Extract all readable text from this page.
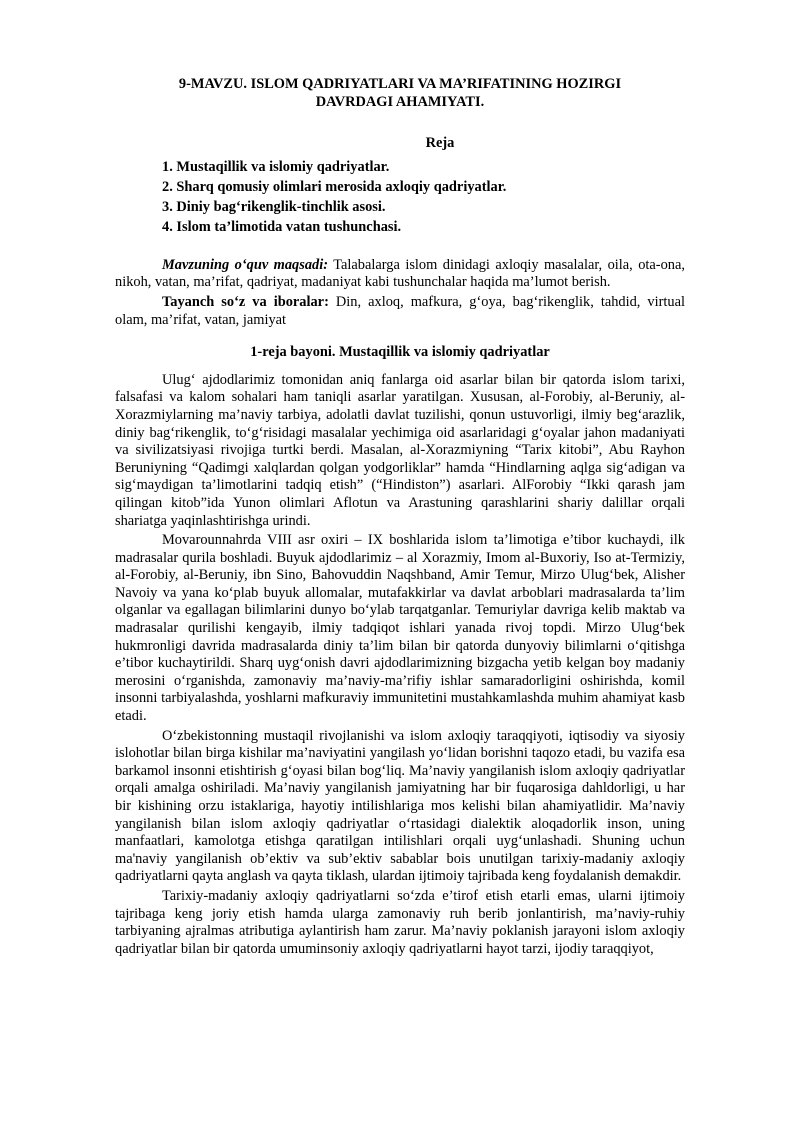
9-MAVZU. ISLOM QADRIYATLARI VA MA’RIFATINING HOZIRGI DAVRDAGI AHAMIYATI.

Reja
1. Mustaqillik va islomiy qadriyatlar.
2. Sharq qomusiy olimlari merosida axloqiy qadriyatlar.
3. Diniy bag‘rikenglik-tinchlik asosi.
4. Islom ta’limotida vatan tushunchasi.

Mavzuning o‘quv maqsadi: Talabalarga islom dinidagi axloqiy masalalar, oila, ota-ona, nikoh, vatan, ma’rifat, qadriyat, madaniyat kabi tushunchalar haqida ma’lumot berish.

Tayanch so‘z va iboralar: Din, axloq, mafkura, g‘oya, bag‘rikenglik, tahdid, virtual olam, ma’rifat, vatan, jamiyat

1-reja bayoni. Mustaqillik va islomiy qadriyatlar

Ulug‘ ajdodlarimiz tomonidan aniq fanlarga oid asarlar bilan bir qatorda islom tarixi, falsafasi va kalom sohalari ham taniqli asarlar yaratilgan. Xususan, al-Forobiy, al-Beruniy, al-Xorazmiylarning ma’naviy tarbiya, adolatli davlat tuzilishi, qonun ustuvorligi, ilmiy beg‘arazlik, diniy bag‘rikenglik, to‘g‘risidagi masalalar yechimiga oid asarlaridagi g‘oyalar jahon madaniyati va sivilizatsiyasi rivojiga turtki berdi. Masalan, al-Xorazmiyning “Tarix kitobi”, Abu Rayhon Beruniyning “Qadimgi xalqlardan qolgan yodgorliklar” hamda “Hindlarning aqlga sig‘adigan va sig‘maydigan ta’limotlarini tadqiq etish” (“Hindiston”) asarlari. AlForobiy “Ikki qarash jam qilingan kitob”ida Yunon olimlari Aflotun va Arastuning qarashlarini shariy dalillar orqali shariatga yaqinlashtirishga urindi.

Movarounnahrda VIII asr oxiri – IX boshlarida islom ta’limotiga e’tibor kuchaydi, ilk madrasalar qurila boshladi. Buyuk ajdodlarimiz – al Xorazmiy, Imom al-Buxoriy, Iso at-Termiziy, al-Forobiy, al-Beruniy, ibn Sino, Bahovuddin Naqshband, Amir Temur, Mirzo Ulug‘bek, Alisher Navoiy va yana ko‘plab buyuk allomalar, mutafakkirlar va davlat arboblari madrasalarda ta’lim olganlar va egallagan bilimlarini dunyo bo‘ylab tarqatganlar. Temuriylar davriga kelib maktab va madrasalar qurilishi kengayib, ilmiy tadqiqot ishlari yanada rivoj topdi. Mirzo Ulug‘bek hukmronligi davrida madrasalarda diniy ta’lim bilan bir qatorda dunyoviy bilimlarni o‘qitishga e’tibor kuchaytirildi. Sharq uyg‘onish davri ajdodlarimizning bizgacha yetib kelgan boy madaniy merosini o‘rganishda, zamonaviy ma’naviy-ma’rifiy ishlar samaradorligini oshirishda, komil insonni tarbiyalashda, yoshlarni mafkuraviy immunitetini mustahkamlashda muhim ahamiyat kasb etadi.

O‘zbekistonning mustaqil rivojlanishi va islom axloqiy taraqqiyoti, iqtisodiy va siyosiy islohotlar bilan birga kishilar ma’naviyatini yangilash yo‘lidan borishni taqozo etadi, bu vazifa esa barkamol insonni etishtirish g‘oyasi bilan bog‘liq. Ma’naviy yangilanish islom axloqiy qadriyatlar orqali amalga oshiriladi. Ma’naviy yangilanish jamiyatning har bir fuqarosiga dahldorligi, u har bir kishining orzu istaklariga, hayotiy intilishlariga mos kelishi bilan ahamiyatlidir. Ma’naviy yangilanish bilan islom axloqiy qadriyatlar o‘rtasidagi dialektik aloqadorlik inson, uning manfaatlari, kamolotga etishga qaratilgan intilishlari orqali uyg‘unlashadi. Shuning uchun ma'naviy yangilanish ob’ektiv va sub’ektiv sabablar bois unutilgan tarixiy-madaniy axloqiy qadriyatlarni qayta anglash va qayta tiklash, ulardan ijtimoiy tajribada keng foydalanish demakdir.

Tarixiy-madaniy axloqiy qadriyatlarni so‘zda e’tirof etish etarli emas, ularni ijtimoiy tajribaga keng joriy etish hamda ularga zamonaviy ruh berib jonlantirish, ma’naviy-ruhiy tarbiyaning ajralmas atributiga aylantirish ham zarur. Ma’naviy poklanish jarayoni islom axloqiy qadriyatlar bilan bir qatorda umuminsoniy axloqiy qadriyatlarni hayot tarzi, ijodiy taraqqiyot,
